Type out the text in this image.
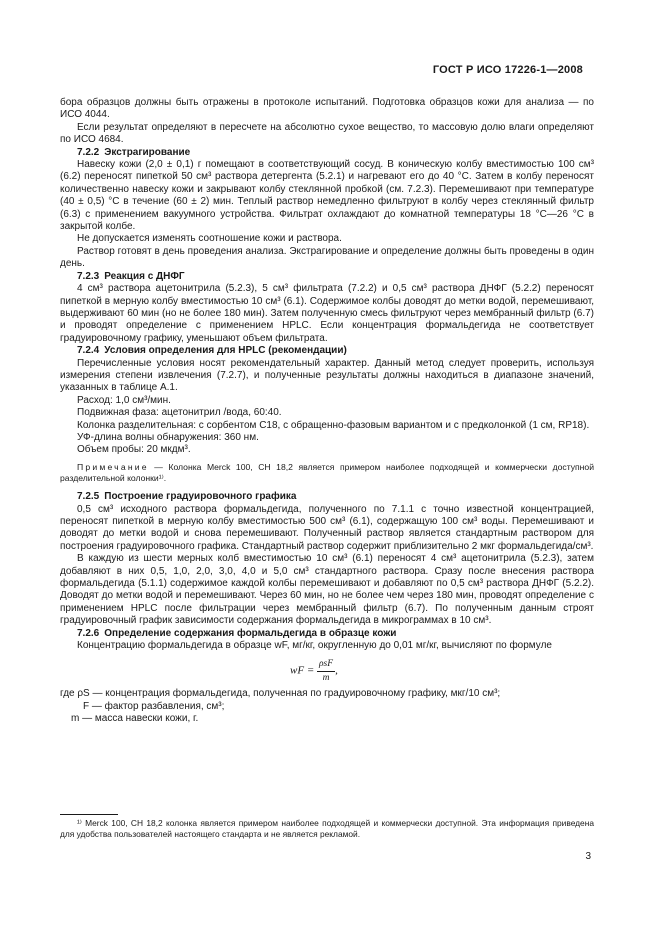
ГОСТ Р ИСО 17226-1—2008

бора образцов должны быть отражены в протоколе испытаний. Подготовка образцов кожи для анализа — по ИСО 4044.

Если результат определяют в пересчете на абсолютно сухое вещество, то массовую долю влаги определяют по ИСО 4684.

7.2.2 Экстрагирование

Навеску кожи (2,0 ± 0,1) г помещают в соответствующий сосуд. В коническую колбу вместимостью 100 см³ (6.2) переносят пипеткой 50 см³ раствора детергента (5.2.1) и нагревают его до 40 °С. Затем в колбу переносят количественно навеску кожи и закрывают колбу стеклянной пробкой (см. 7.2.3). Перемешивают при температуре (40 ± 0,5) °С в течение (60 ± 2) мин. Теплый раствор немедленно фильтруют в колбу через стеклянный фильтр (6.3) с применением вакуумного устройства. Фильтрат охлаждают до комнатной температуры 18 °С—26 °С в закрытой колбе.

Не допускается изменять соотношение кожи и раствора.

Раствор готовят в день проведения анализа. Экстрагирование и определение должны быть проведены в один день.

7.2.3 Реакция с ДНФГ

4 см³ раствора ацетонитрила (5.2.3), 5 см³ фильтрата (7.2.2) и 0,5 см³ раствора ДНФГ (5.2.2) переносят пипеткой в мерную колбу вместимостью 10 см³ (6.1). Содержимое колбы доводят до метки водой, перемешивают, выдерживают 60 мин (но не более 180 мин). Затем полученную смесь фильтруют через мембранный фильтр (6.7) и проводят определение с применением HPLC. Если концентрация формальдегида не соответствует градуировочному графику, уменьшают объем фильтрата.

7.2.4 Условия определения для HPLC (рекомендации)

Перечисленные условия носят рекомендательный характер. Данный метод следует проверить, используя измерения степени извлечения (7.2.7), и полученные результаты должны находиться в диапазоне значений, указанных в таблице А.1.

Расход: 1,0 см³/мин.

Подвижная фаза: ацетонитрил /вода, 60:40.

Колонка разделительная: с сорбентом С18, с обращенно-фазовым вариантом и с предколонкой (1 см, RP18).

УФ-длина волны обнаружения: 360 нм.

Объем пробы: 20 мкдм³.

Примечание — Колонка Merck 100, CH 18,2 является примером наиболее подходящей и коммерчески доступной разделительной колонки¹⁾.

7.2.5 Построение градуировочного графика

0,5 см³ исходного раствора формальдегида, полученного по 7.1.1 с точно известной концентрацией, переносят пипеткой в мерную колбу вместимостью 500 см³ (6.1), содержащую 100 см³ воды. Перемешивают и доводят до метки водой и снова перемешивают. Полученный раствор является стандартным раствором для построения градуировочного графика. Стандартный раствор содержит приблизительно 2 мкг формальдегида/см³.

В каждую из шести мерных колб вместимостью 10 см³ (6.1) переносят 4 см³ ацетонитрила (5.2.3), затем добавляют в них 0,5, 1,0, 2,0, 3,0, 4,0 и 5,0 см³ стандартного раствора. Сразу после внесения раствора формальдегида (5.1.1) содержимое каждой колбы перемешивают и добавляют по 0,5 см³ раствора ДНФГ (5.2.2). Доводят до метки водой и перемешивают. Через 60 мин, но не более чем через 180 мин, проводят определение с применением HPLC после фильтрации через мембранный фильтр (6.7). По полученным данным строят градуировочный график зависимости содержания формальдегида в микрограммах в 10 см³.

7.2.6 Определение содержания формальдегида в образце кожи

Концентрацию формальдегида в образце wF, мг/кг, округленную до 0,01 мг/кг, вычисляют по формуле

wF = $\frac{\text{ρsF}}{m}$ ,

где ρS — концентрация формальдегида, полученная по градуировочному графику, мкг/10 см³;

F — фактор разбавления, см³;

m — масса навески кожи, г.

¹⁾ Merck 100, CH 18,2 колонка является примером наиболее подходящей и коммерчески доступной. Эта информация приведена для удобства пользователей настоящего стандарта и не является рекламой.
3
